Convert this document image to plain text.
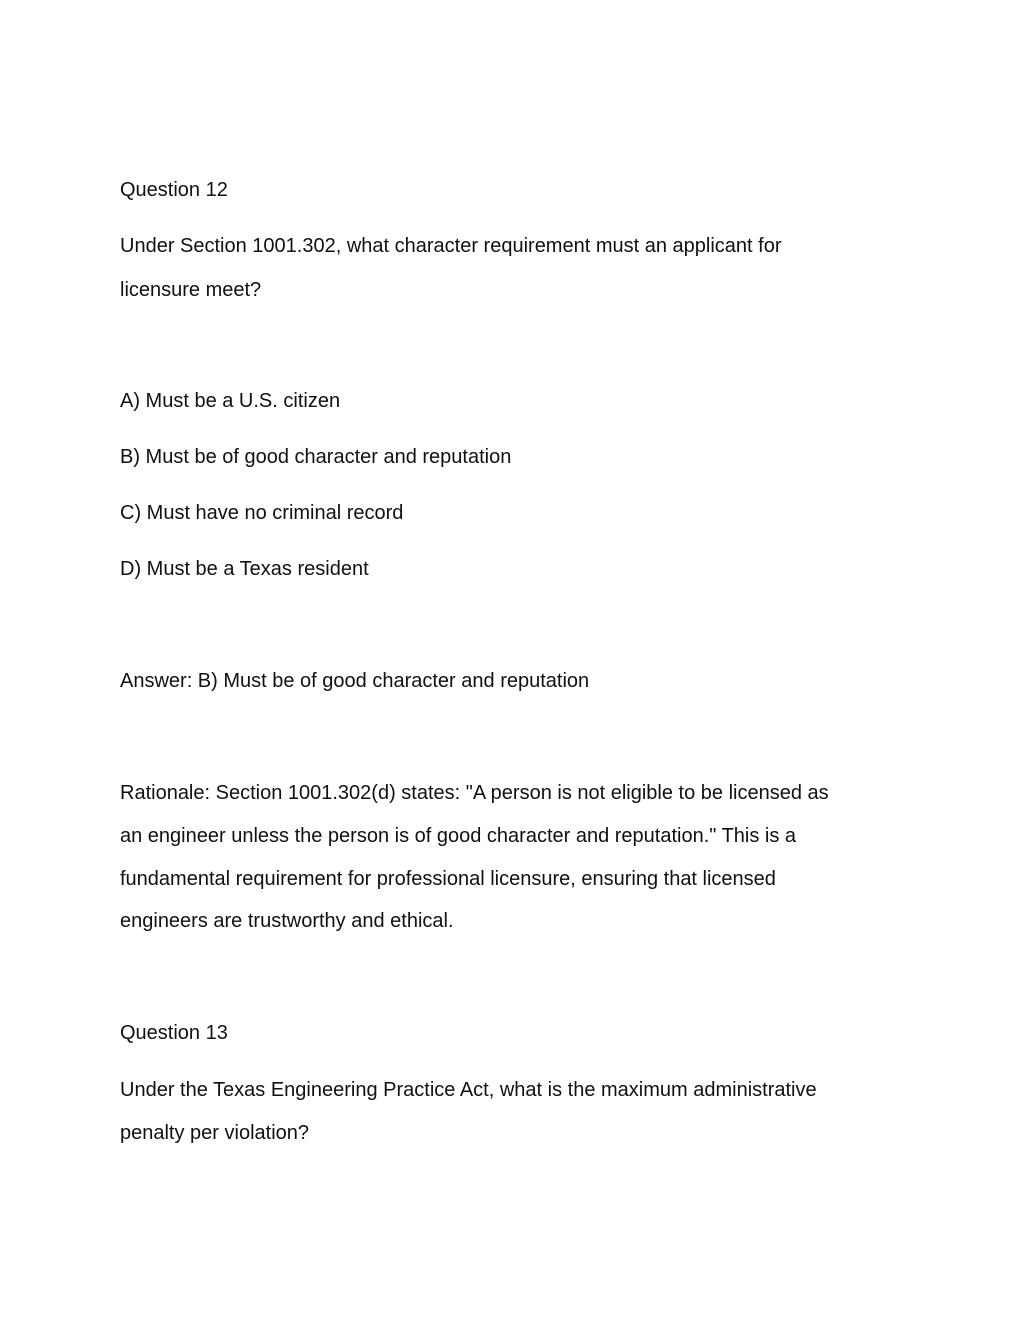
Question 12
Under Section 1001.302, what character requirement must an applicant for
licensure meet?
A) Must be a U.S. citizen
B) Must be of good character and reputation
C) Must have no criminal record
D) Must be a Texas resident
Answer: B) Must be of good character and reputation
Rationale: Section 1001.302(d) states: "A person is not eligible to be licensed as
an engineer unless the person is of good character and reputation." This is a
fundamental requirement for professional licensure, ensuring that licensed
engineers are trustworthy and ethical.
Question 13
Under the Texas Engineering Practice Act, what is the maximum administrative
penalty per violation?
